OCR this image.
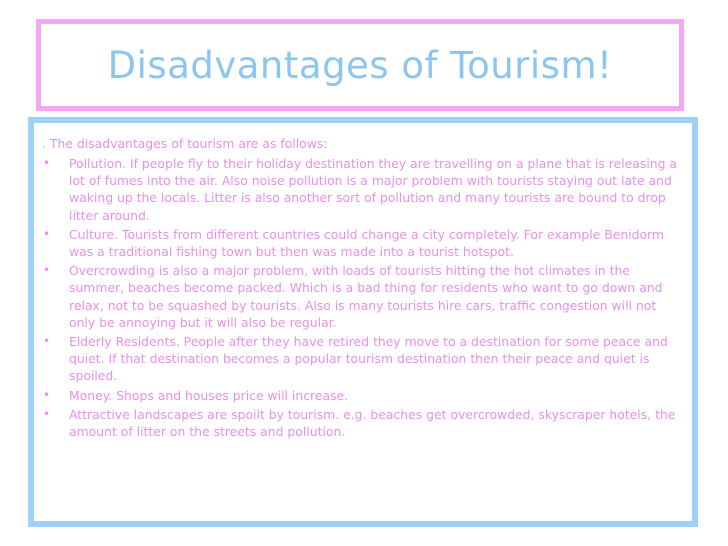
Disadvantages of Tourism!

. The disadvantages of tourism are as follows:

• Pollution. If people fly to their holiday destination they are travelling on a plane that is releasing a lot of fumes into the air. Also noise pollution is a major problem with tourists staying out late and waking up the locals. Litter is also another sort of pollution and many tourists are bound to drop litter around.
• Culture. Tourists from different countries could change a city completely. For example Benidorm was a traditional fishing town but then was made into a tourist hotspot.
• Overcrowding is also a major problem, with loads of tourists hitting the hot climates in the summer, beaches become packed. Which is a bad thing for residents who want to go down and relax, not to be squashed by tourists. Also is many tourists hire cars, traffic congestion will not only be annoying but it will also be regular.
• Elderly Residents. People after they have retired they move to a destination for some peace and quiet. If that destination becomes a popular tourism destination then their peace and quiet is spoiled.
• Money. Shops and houses price will increase.
• Attractive landscapes are spoilt by tourism. e.g. beaches get overcrowded, skyscraper hotels, the amount of litter on the streets and pollution.
